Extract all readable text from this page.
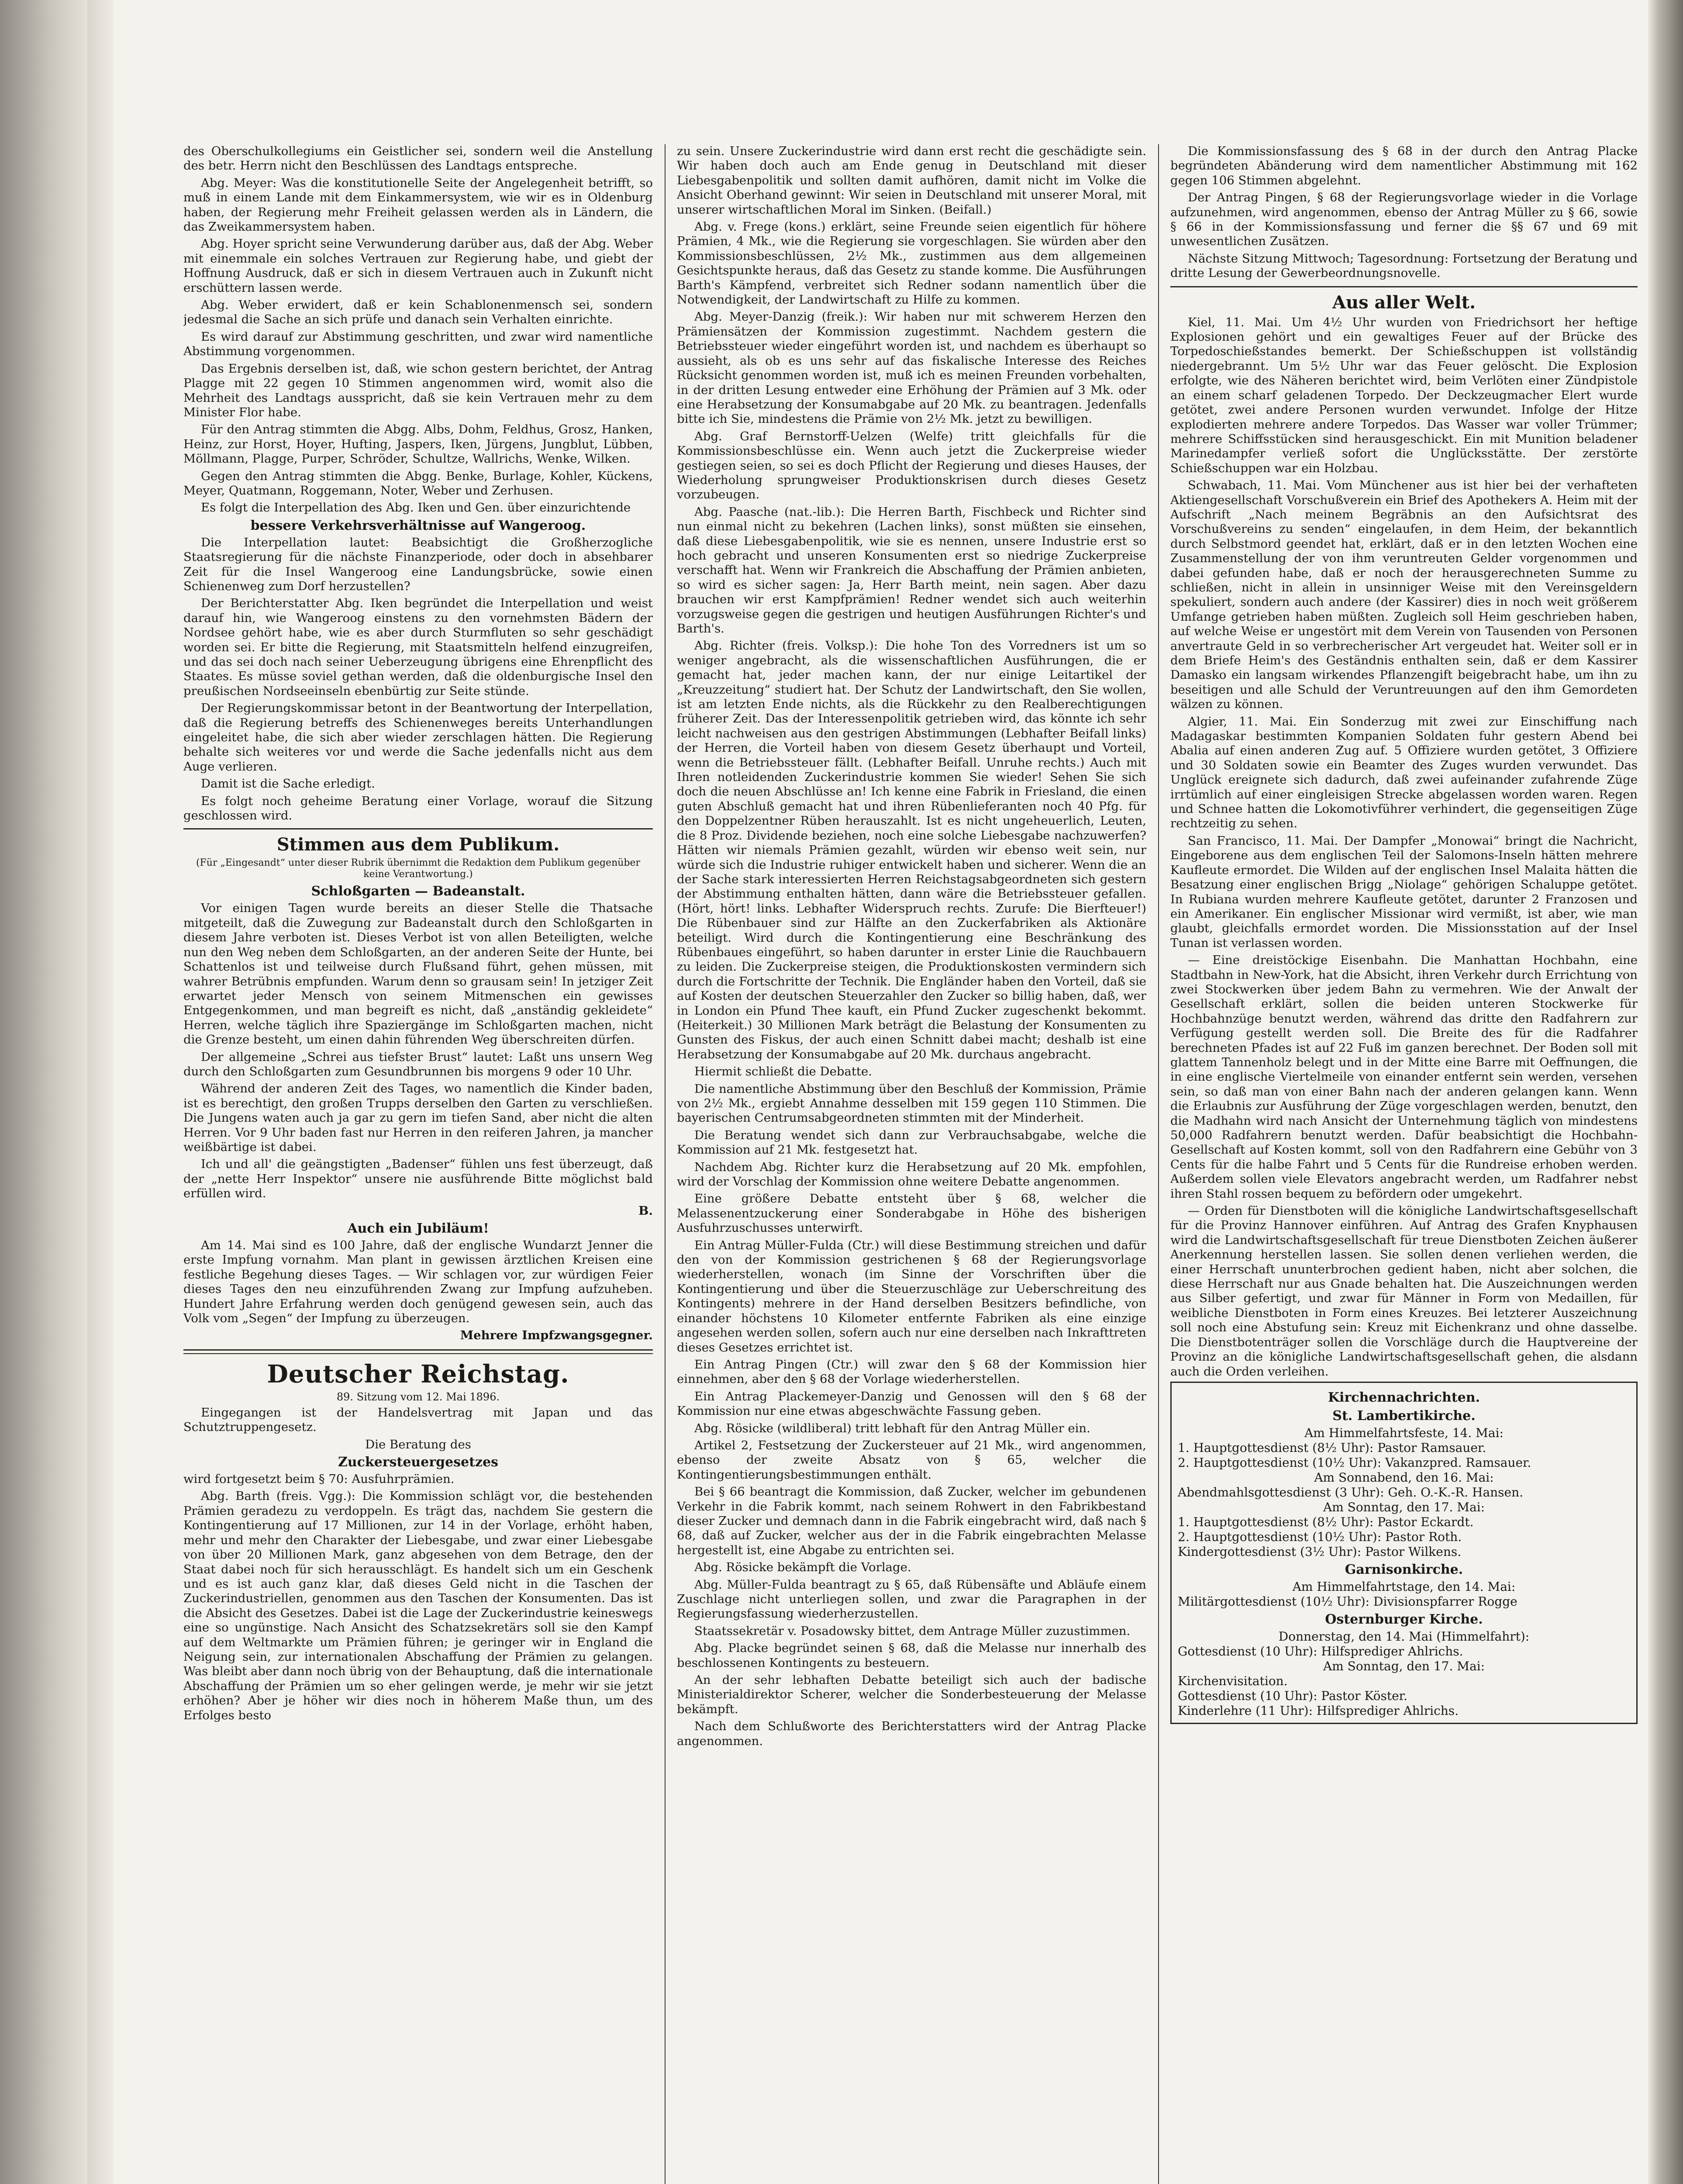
des Oberschulkollegiums ein Geistlicher sei, sondern weil die Anstellung des betr. Herrn nicht den Beschlüssen des Landtags entspreche.

Abg. Meyer: Was die konstitutionelle Seite der Angelegenheit betrifft, so muß in einem Lande mit dem Einkammersystem, wie wir es in Oldenburg haben, der Regierung mehr Freiheit gelassen werden als in Ländern, die das Zweikammersystem haben.

Abg. Hoyer spricht seine Verwunderung darüber aus, daß der Abg. Weber mit einemmale ein solches Vertrauen zur Regierung habe, und giebt der Hoffnung Ausdruck, daß er sich in diesem Vertrauen auch in Zukunft nicht erschüttern lassen werde.

Abg. Weber erwidert, daß er kein Schablonenmensch sei, sondern jedesmal die Sache an sich prüfe und danach sein Verhalten einrichte.

Es wird darauf zur Abstimmung geschritten, und zwar wird namentliche Abstimmung vorgenommen.

Das Ergebnis derselben ist, daß, wie schon gestern berichtet, der Antrag Plagge mit 22 gegen 10 Stimmen angenommen wird, womit also die Mehrheit des Landtags ausspricht, daß sie kein Vertrauen mehr zu dem Minister Flor habe.

Für den Antrag stimmten die Abgg. Albs, Dohm, Feldhus, Grosz, Hanken, Heinz, zur Horst, Hoyer, Hufting, Jaspers, Iken, Jürgens, Jungblut, Lübben, Möllmann, Plagge, Purper, Schröder, Schultze, Wallrichs, Wenke, Wilken.

Gegen den Antrag stimmten die Abgg. Benke, Burlage, Kohler, Kückens, Meyer, Quatmann, Roggemann, Noter, Weber und Zerhusen.

Es folgt die Interpellation des Abg. Iken und Gen. über einzurichtende

bessere Verkehrsverhältnisse auf Wangeroog.

Die Interpellation lautet: Beabsichtigt die Großherzogliche Staatsregierung für die nächste Finanzperiode, oder doch in absehbarer Zeit für die Insel Wangeroog eine Landungsbrücke, sowie einen Schienenweg zum Dorf herzustellen?

Der Berichterstatter Abg. Iken begründet die Interpellation und weist darauf hin, wie Wangeroog einstens zu den vornehmsten Bädern der Nordsee gehört habe, wie es aber durch Sturmfluten so sehr geschädigt worden sei. Er bitte die Regierung, mit Staatsmitteln helfend einzugreifen, und das sei doch nach seiner Ueberzeugung übrigens eine Ehrenpflicht des Staates. Es müsse soviel gethan werden, daß die oldenburgische Insel den preußischen Nordseeinseln ebenbürtig zur Seite stünde.

Der Regierungskommissar betont in der Beantwortung der Interpellation, daß die Regierung betreffs des Schienenweges bereits Unterhandlungen eingeleitet habe, die sich aber wieder zerschlagen hätten. Die Regierung behalte sich weiteres vor und werde die Sache jedenfalls nicht aus dem Auge verlieren.

Damit ist die Sache erledigt.

Es folgt noch geheime Beratung einer Vorlage, worauf die Sitzung geschlossen wird.

Stimmen aus dem Publikum.

(Für „Eingesandt“ unter dieser Rubrik übernimmt die Redaktion dem Publikum gegenüber keine Verantwortung.)

Schloßgarten — Badeanstalt.

Vor einigen Tagen wurde bereits an dieser Stelle die Thatsache mitgeteilt, daß die Zuwegung zur Badeanstalt durch den Schloßgarten in diesem Jahre verboten ist. Dieses Verbot ist von allen Beteiligten, welche nun den Weg neben dem Schloßgarten, an der anderen Seite der Hunte, bei Schattenlos ist und teilweise durch Flußsand führt, gehen müssen, mit wahrer Betrübnis empfunden. Warum denn so grausam sein! In jetziger Zeit erwartet jeder Mensch von seinem Mitmenschen ein gewisses Entgegenkommen, und man begreift es nicht, daß „anständig gekleidete“ Herren, welche täglich ihre Spaziergänge im Schloßgarten machen, nicht die Grenze besteht, um einen dahin führenden Weg überschreiten dürfen.

Der allgemeine „Schrei aus tiefster Brust“ lautet: Laßt uns unsern Weg durch den Schloßgarten zum Gesundbrunnen bis morgens 9 oder 10 Uhr.

Während der anderen Zeit des Tages, wo namentlich die Kinder baden, ist es berechtigt, den großen Trupps derselben den Garten zu verschließen. Die Jungens waten auch ja gar zu gern im tiefen Sand, aber nicht die alten Herren. Vor 9 Uhr baden fast nur Herren in den reiferen Jahren, ja mancher weißbärtige ist dabei.

Ich und all' die geängstigten „Badenser“ fühlen uns fest überzeugt, daß der „nette Herr Inspektor“ unsere nie ausführende Bitte möglichst bald erfüllen wird.

B.

Auch ein Jubiläum!

Am 14. Mai sind es 100 Jahre, daß der englische Wundarzt Jenner die erste Impfung vornahm. Man plant in gewissen ärztlichen Kreisen eine festliche Begehung dieses Tages. — Wir schlagen vor, zur würdigen Feier dieses Tages den neu einzuführenden Zwang zur Impfung aufzuheben. Hundert Jahre Erfahrung werden doch genügend gewesen sein, auch das Volk vom „Segen“ der Impfung zu überzeugen.

Mehrere Impfzwangsgegner.

Deutscher Reichstag.

89. Sitzung vom 12. Mai 1896.

Eingegangen ist der Handelsvertrag mit Japan und das Schutztruppengesetz.

Die Beratung des

Zuckersteuergesetzes

wird fortgesetzt beim § 70: Ausfuhrprämien.

Abg. Barth (freis. Vgg.): Die Kommission schlägt vor, die bestehenden Prämien geradezu zu verdoppeln. Es trägt das, nachdem Sie gestern die Kontingentierung auf 17 Millionen, zur 14 in der Vorlage, erhöht haben, mehr und mehr den Charakter der Liebesgabe, und zwar einer Liebesgabe von über 20 Millionen Mark, ganz abgesehen von dem Betrage, den der Staat dabei noch für sich herausschlägt. Es handelt sich um ein Geschenk und es ist auch ganz klar, daß dieses Geld nicht in die Taschen der Zuckerindustriellen, genommen aus den Taschen der Konsumenten. Das ist die Absicht des Gesetzes. Dabei ist die Lage der Zuckerindustrie keineswegs eine so ungünstige. Nach Ansicht des Schatzsekretärs soll sie den Kampf auf dem Weltmarkte um Prämien führen; je geringer wir in England die Neigung sein, zur internationalen Abschaffung der Prämien zu gelangen. Was bleibt aber dann noch übrig von der Behauptung, daß die internationale Abschaffung der Prämien um so eher gelingen werde, je mehr wir sie jetzt erhöhen? Aber je höher wir dies noch in höherem Maße thun, um des Erfolges besto

zu sein. Unsere Zuckerindustrie wird dann erst recht die geschädigte sein. Wir haben doch auch am Ende genug in Deutschland mit dieser Liebesgabenpolitik und sollten damit aufhören, damit nicht im Volke die Ansicht Oberhand gewinnt: Wir seien in Deutschland mit unserer Moral, mit unserer wirtschaftlichen Moral im Sinken. (Beifall.)

Abg. v. Frege (kons.) erklärt, seine Freunde seien eigentlich für höhere Prämien, 4 Mk., wie die Regierung sie vorgeschlagen. Sie würden aber den Kommissionsbeschlüssen, 2½ Mk., zustimmen aus dem allgemeinen Gesichtspunkte heraus, daß das Gesetz zu stande komme. Die Ausführungen Barth's Kämpfend, verbreitet sich Redner sodann namentlich über die Notwendigkeit, der Landwirtschaft zu Hilfe zu kommen.

Abg. Meyer-Danzig (freik.): Wir haben nur mit schwerem Herzen den Prämiensätzen der Kommission zugestimmt. Nachdem gestern die Betriebssteuer wieder eingeführt worden ist, und nachdem es überhaupt so aussieht, als ob es uns sehr auf das fiskalische Interesse des Reiches Rücksicht genommen worden ist, muß ich es meinen Freunden vorbehalten, in der dritten Lesung entweder eine Erhöhung der Prämien auf 3 Mk. oder eine Herabsetzung der Konsumabgabe auf 20 Mk. zu beantragen. Jedenfalls bitte ich Sie, mindestens die Prämie von 2½ Mk. jetzt zu bewilligen.

Abg. Graf Bernstorff-Uelzen (Welfe) tritt gleichfalls für die Kommissionsbeschlüsse ein. Wenn auch jetzt die Zuckerpreise wieder gestiegen seien, so sei es doch Pflicht der Regierung und dieses Hauses, der Wiederholung sprungweiser Produktionskrisen durch dieses Gesetz vorzubeugen.

Abg. Paasche (nat.-lib.): Die Herren Barth, Fischbeck und Richter sind nun einmal nicht zu bekehren (Lachen links), sonst müßten sie einsehen, daß diese Liebesgabenpolitik, wie sie es nennen, unsere Industrie erst so hoch gebracht und unseren Konsumenten erst so niedrige Zuckerpreise verschafft hat. Wenn wir Frankreich die Abschaffung der Prämien anbieten, so wird es sicher sagen: Ja, Herr Barth meint, nein sagen. Aber dazu brauchen wir erst Kampfprämien! Redner wendet sich auch weiterhin vorzugsweise gegen die gestrigen und heutigen Ausführungen Richter's und Barth's.

Abg. Richter (freis. Volksp.): Die hohe Ton des Vorredners ist um so weniger angebracht, als die wissenschaftlichen Ausführungen, die er gemacht hat, jeder machen kann, der nur einige Leitartikel der „Kreuzzeitung“ studiert hat. Der Schutz der Landwirtschaft, den Sie wollen, ist am letzten Ende nichts, als die Rückkehr zu den Realberechtigungen früherer Zeit. Das der Interessenpolitik getrieben wird, das könnte ich sehr leicht nachweisen aus den gestrigen Abstimmungen (Lebhafter Beifall links) der Herren, die Vorteil haben von diesem Gesetz überhaupt und Vorteil, wenn die Betriebssteuer fällt. (Lebhafter Beifall. Unruhe rechts.) Auch mit Ihren notleidenden Zuckerindustrie kommen Sie wieder! Sehen Sie sich doch die neuen Abschlüsse an! Ich kenne eine Fabrik in Friesland, die einen guten Abschluß gemacht hat und ihren Rübenlieferanten noch 40 Pfg. für den Doppelzentner Rüben herauszahlt. Ist es nicht ungeheuerlich, Leuten, die 8 Proz. Dividende beziehen, noch eine solche Liebesgabe nachzuwerfen? Hätten wir niemals Prämien gezahlt, würden wir ebenso weit sein, nur würde sich die Industrie ruhiger entwickelt haben und sicherer. Wenn die an der Sache stark interessierten Herren Reichstagsabgeordneten sich gestern der Abstimmung enthalten hätten, dann wäre die Betriebssteuer gefallen. (Hört, hört! links. Lebhafter Widerspruch rechts. Zurufe: Die Bierfteuer!) Die Rübenbauer sind zur Hälfte an den Zuckerfabriken als Aktionäre beteiligt. Wird durch die Kontingentierung eine Beschränkung des Rübenbaues eingeführt, so haben darunter in erster Linie die Rauchbauern zu leiden. Die Zuckerpreise steigen, die Produktionskosten vermindern sich durch die Fortschritte der Technik. Die Engländer haben den Vorteil, daß sie auf Kosten der deutschen Steuerzahler den Zucker so billig haben, daß, wer in London ein Pfund Thee kauft, ein Pfund Zucker zugeschenkt bekommt. (Heiterkeit.) 30 Millionen Mark beträgt die Belastung der Konsumenten zu Gunsten des Fiskus, der auch einen Schnitt dabei macht; deshalb ist eine Herabsetzung der Konsumabgabe auf 20 Mk. durchaus angebracht.

Hiermit schließt die Debatte.

Die namentliche Abstimmung über den Beschluß der Kommission, Prämie von 2½ Mk., ergiebt Annahme desselben mit 159 gegen 110 Stimmen. Die bayerischen Centrumsabgeordneten stimmten mit der Minderheit.

Die Beratung wendet sich dann zur Verbrauchsabgabe, welche die Kommission auf 21 Mk. festgesetzt hat.

Nachdem Abg. Richter kurz die Herabsetzung auf 20 Mk. empfohlen, wird der Vorschlag der Kommission ohne weitere Debatte angenommen.

Eine größere Debatte entsteht über § 68, welcher die Melassenentzuckerung einer Sonderabgabe in Höhe des bisherigen Ausfuhrzuschusses unterwirft.

Ein Antrag Müller-Fulda (Ctr.) will diese Bestimmung streichen und dafür den von der Kommission gestrichenen § 68 der Regierungsvorlage wiederherstellen, wonach (im Sinne der Vorschriften über die Kontingentierung und über die Steuerzuschläge zur Ueberschreitung des Kontingents) mehrere in der Hand derselben Besitzers befindliche, von einander höchstens 10 Kilometer entfernte Fabriken als eine einzige angesehen werden sollen, sofern auch nur eine derselben nach Inkrafttreten dieses Gesetzes errichtet ist.

Ein Antrag Pingen (Ctr.) will zwar den § 68 der Kommission hier einnehmen, aber den § 68 der Vorlage wiederherstellen.

Ein Antrag Plackemeyer-Danzig und Genossen will den § 68 der Kommission nur eine etwas abgeschwächte Fassung geben.

Abg. Rösicke (wildliberal) tritt lebhaft für den Antrag Müller ein.

Artikel 2, Festsetzung der Zuckersteuer auf 21 Mk., wird angenommen, ebenso der zweite Absatz von § 65, welcher die Kontingentierungsbestimmungen enthält.

Bei § 66 beantragt die Kommission, daß Zucker, welcher im gebundenen Verkehr in die Fabrik kommt, nach seinem Rohwert in den Fabrikbestand dieser Zucker und demnach dann in die Fabrik eingebracht wird, daß nach § 68, daß auf Zucker, welcher aus der in die Fabrik eingebrachten Melasse hergestellt ist, eine Abgabe zu entrichten sei.

Abg. Rösicke bekämpft die Vorlage.

Abg. Müller-Fulda beantragt zu § 65, daß Rübensäfte und Abläufe einem Zuschlage nicht unterliegen sollen, und zwar die Paragraphen in der Regierungsfassung wiederherzustellen.

Staatssekretär v. Posadowsky bittet, dem Antrage Müller zuzustimmen.

Abg. Placke begründet seinen § 68, daß die Melasse nur innerhalb des beschlossenen Kontingents zu besteuern.

An der sehr lebhaften Debatte beteiligt sich auch der badische Ministerialdirektor Scherer, welcher die Sonderbesteuerung der Melasse bekämpft.

Nach dem Schlußworte des Berichterstatters wird der Antrag Placke angenommen.

Die Kommissionsfassung des § 68 in der durch den Antrag Placke begründeten Abänderung wird dem namentlicher Abstimmung mit 162 gegen 106 Stimmen abgelehnt.

Der Antrag Pingen, § 68 der Regierungsvorlage wieder in die Vorlage aufzunehmen, wird angenommen, ebenso der Antrag Müller zu § 66, sowie § 66 in der Kommissionsfassung und ferner die §§ 67 und 69 mit unwesentlichen Zusätzen.

Nächste Sitzung Mittwoch; Tagesordnung: Fortsetzung der Beratung und dritte Lesung der Gewerbeordnungsnovelle.

Aus aller Welt.

Kiel, 11. Mai. Um 4½ Uhr wurden von Friedrichsort her heftige Explosionen gehört und ein gewaltiges Feuer auf der Brücke des Torpedoschießstandes bemerkt. Der Schießschuppen ist vollständig niedergebrannt. Um 5½ Uhr war das Feuer gelöscht. Die Explosion erfolgte, wie des Näheren berichtet wird, beim Verlöten einer Zündpistole an einem scharf geladenen Torpedo. Der Deckzeugmacher Elert wurde getötet, zwei andere Personen wurden verwundet. Infolge der Hitze explodierten mehrere andere Torpedos. Das Wasser war voller Trümmer; mehrere Schiffsstücken sind herausgeschickt. Ein mit Munition beladener Marinedampfer verließ sofort die Unglücksstätte. Der zerstörte Schießschuppen war ein Holzbau.

Schwabach, 11. Mai. Vom Münchener aus ist hier bei der verhafteten Aktiengesellschaft Vorschußverein ein Brief des Apothekers A. Heim mit der Aufschrift „Nach meinem Begräbnis an den Aufsichtsrat des Vorschußvereins zu senden“ eingelaufen, in dem Heim, der bekanntlich durch Selbstmord geendet hat, erklärt, daß er in den letzten Wochen eine Zusammenstellung der von ihm veruntreuten Gelder vorgenommen und dabei gefunden habe, daß er noch der herausgerechneten Summe zu schließen, nicht in allein in unsinniger Weise mit den Vereinsgeldern spekuliert, sondern auch andere (der Kassirer) dies in noch weit größerem Umfange getrieben haben müßten. Zugleich soll Heim geschrieben haben, auf welche Weise er ungestört mit dem Verein von Tausenden von Personen anvertraute Geld in so verbrecherischer Art vergeudet hat. Weiter soll er in dem Briefe Heim's des Geständnis enthalten sein, daß er dem Kassirer Damasko ein langsam wirkendes Pflanzengift beigebracht habe, um ihn zu beseitigen und alle Schuld der Veruntreuungen auf den ihm Gemordeten wälzen zu können.

Algier, 11. Mai. Ein Sonderzug mit zwei zur Einschiffung nach Madagaskar bestimmten Kompanien Soldaten fuhr gestern Abend bei Abalia auf einen anderen Zug auf. 5 Offiziere wurden getötet, 3 Offiziere und 30 Soldaten sowie ein Beamter des Zuges wurden verwundet. Das Unglück ereignete sich dadurch, daß zwei aufeinander zufahrende Züge irrtümlich auf einer eingleisigen Strecke abgelassen worden waren. Regen und Schnee hatten die Lokomotivführer verhindert, die gegenseitigen Züge rechtzeitig zu sehen.

San Francisco, 11. Mai. Der Dampfer „Monowai“ bringt die Nachricht, Eingeborene aus dem englischen Teil der Salomons-Inseln hätten mehrere Kaufleute ermordet. Die Wilden auf der englischen Insel Malaita hätten die Besatzung einer englischen Brigg „Niolage“ gehörigen Schaluppe getötet. In Rubiana wurden mehrere Kaufleute getötet, darunter 2 Franzosen und ein Amerikaner. Ein englischer Missionar wird vermißt, ist aber, wie man glaubt, gleichfalls ermordet worden. Die Missionsstation auf der Insel Tunan ist verlassen worden.

— Eine dreistöckige Eisenbahn. Die Manhattan Hochbahn, eine Stadtbahn in New-York, hat die Absicht, ihren Verkehr durch Errichtung von zwei Stockwerken über jedem Bahn zu vermehren. Wie der Anwalt der Gesellschaft erklärt, sollen die beiden unteren Stockwerke für Hochbahnzüge benutzt werden, während das dritte den Radfahrern zur Verfügung gestellt werden soll. Die Breite des für die Radfahrer berechneten Pfades ist auf 22 Fuß im ganzen berechnet. Der Boden soll mit glattem Tannenholz belegt und in der Mitte eine Barre mit Oeffnungen, die in eine englische Viertelmeile von einander entfernt sein werden, versehen sein, so daß man von einer Bahn nach der anderen gelangen kann. Wenn die Erlaubnis zur Ausführung der Züge vorgeschlagen werden, benutzt, den die Madhahn wird nach Ansicht der Unternehmung täglich von mindestens 50,000 Radfahrern benutzt werden. Dafür beabsichtigt die Hochbahn-Gesellschaft auf Kosten kommt, soll von den Radfahrern eine Gebühr von 3 Cents für die halbe Fahrt und 5 Cents für die Rundreise erhoben werden. Außerdem sollen viele Elevators angebracht werden, um Radfahrer nebst ihren Stahl rossen bequem zu befördern oder umgekehrt.

— Orden für Dienstboten will die königliche Landwirtschaftsgesellschaft für die Provinz Hannover einführen. Auf Antrag des Grafen Knyphausen wird die Landwirtschaftsgesellschaft für treue Dienstboten Zeichen äußerer Anerkennung herstellen lassen. Sie sollen denen verliehen werden, die einer Herrschaft ununterbrochen gedient haben, nicht aber solchen, die diese Herrschaft nur aus Gnade behalten hat. Die Auszeichnungen werden aus Silber gefertigt, und zwar für Männer in Form von Medaillen, für weibliche Dienstboten in Form eines Kreuzes. Bei letzterer Auszeichnung soll noch eine Abstufung sein: Kreuz mit Eichenkranz und ohne dasselbe. Die Dienstbotenträger sollen die Vorschläge durch die Hauptvereine der Provinz an die königliche Landwirtschaftsgesellschaft gehen, die alsdann auch die Orden verleihen.

Kirchennachrichten.
St. Lambertikirche.

Am Himmelfahrtsfeste, 14. Mai:

1. Hauptgottesdienst (8½ Uhr): Pastor Ramsauer.

2. Hauptgottesdienst (10½ Uhr): Vakanzpred. Ramsauer.

Am Sonnabend, den 16. Mai:

Abendmahlsgottesdienst (3 Uhr): Geh. O.-K.-R. Hansen.

Am Sonntag, den 17. Mai:

1. Hauptgottesdienst (8½ Uhr): Pastor Eckardt.

2. Hauptgottesdienst (10½ Uhr): Pastor Roth.

Kindergottesdienst (3½ Uhr): Pastor Wilkens.

Garnisonkirche.

Am Himmelfahrtstage, den 14. Mai:

Militärgottesdienst (10½ Uhr): Divisionspfarrer Rogge

Osternburger Kirche.

Donnerstag, den 14. Mai (Himmelfahrt):

Gottesdienst (10 Uhr): Hilfsprediger Ahlrichs.

Am Sonntag, den 17. Mai:

Kirchenvisitation.

Gottesdienst (10 Uhr): Pastor Köster.

Kinderlehre (11 Uhr): Hilfsprediger Ahlrichs.
